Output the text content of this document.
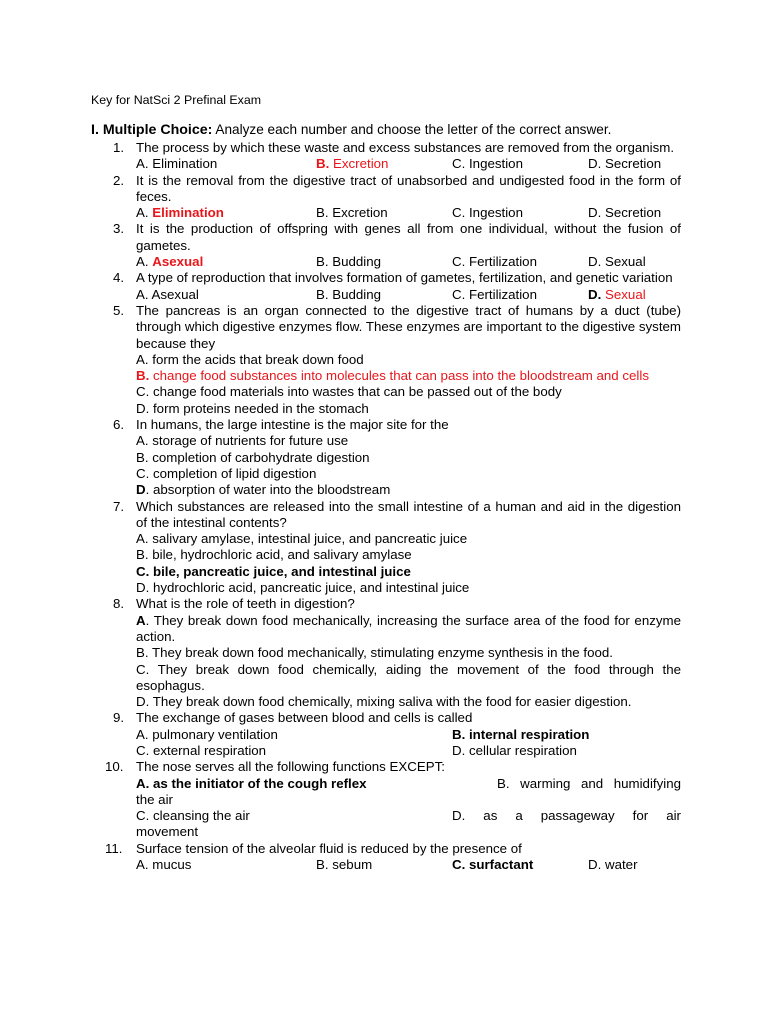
Key for NatSci 2 Prefinal Exam
I. Multiple Choice: Analyze each number and choose the letter of the correct answer.
1. The process by which these waste and excess substances are removed from the organism.
A. Elimination	B. Excretion	C. Ingestion	D. Secretion
2. It is the removal from the digestive tract of unabsorbed and undigested food in the form of feces.
A. Elimination	B. Excretion	C. Ingestion	D. Secretion
3. It is the production of offspring with genes all from one individual, without the fusion of gametes.
A. Asexual	B. Budding	C. Fertilization	D. Sexual
4. A type of reproduction that involves formation of gametes, fertilization, and genetic variation
A. Asexual	B. Budding	C. Fertilization	D. Sexual
5. The pancreas is an organ connected to the digestive tract of humans by a duct (tube) through which digestive enzymes flow. These enzymes are important to the digestive system because they
A. form the acids that break down food
B. change food substances into molecules that can pass into the bloodstream and cells
C. change food materials into wastes that can be passed out of the body
D. form proteins needed in the stomach
6. In humans, the large intestine is the major site for the
A. storage of nutrients for future use
B. completion of carbohydrate digestion
C. completion of lipid digestion
D. absorption of water into the bloodstream
7. Which substances are released into the small intestine of a human and aid in the digestion of the intestinal contents?
A. salivary amylase, intestinal juice, and pancreatic juice
B. bile, hydrochloric acid, and salivary amylase
C. bile, pancreatic juice, and intestinal juice
D. hydrochloric acid, pancreatic juice, and intestinal juice
8. What is the role of teeth in digestion?
A. They break down food mechanically, increasing the surface area of the food for enzyme action.
B. They break down food mechanically, stimulating enzyme synthesis in the food.
C. They break down food chemically, aiding the movement of the food through the esophagus.
D. They break down food chemically, mixing saliva with the food for easier digestion.
9. The exchange of gases between blood and cells is called
A. pulmonary ventilation	B. internal respiration
C. external respiration	D. cellular respiration
10. The nose serves all the following functions EXCEPT:
A. as the initiator of the cough reflex	B. warming and humidifying
the air
C. cleansing the air	D.   as   a   passageway   for   air
movement
11. Surface tension of the alveolar fluid is reduced by the presence of
A. mucus	B. sebum	C. surfactant	D. water
